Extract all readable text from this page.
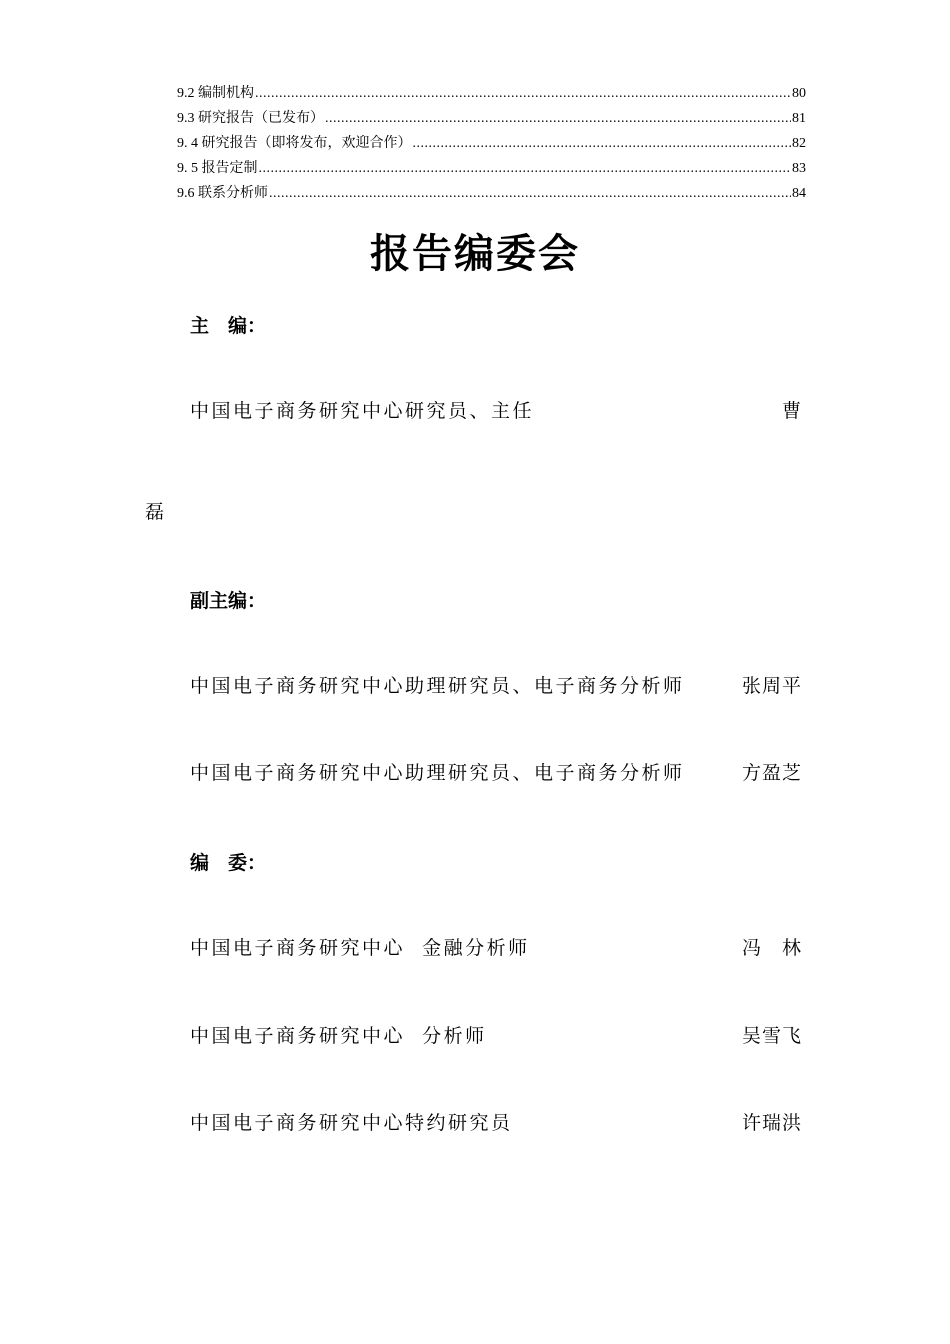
9.2 编制机构 .....	80
9.3 研究报告（已发布） .....	81
9. 4 研究报告（即将发布，欢迎合作） .....	82
9. 5 报告定制 .....	83
9.6 联系分析师 .....	84
报告编委会
主　编：
中国电子商务研究中心研究员、主任	曹
磊
副主编：
中国电子商务研究中心助理研究员、电子商务分析师	张周平
中国电子商务研究中心助理研究员、电子商务分析师	方盈芝
编　委：
中国电子商务研究中心  金融分析师	冯　林
中国电子商务研究中心  分析师	吴雪飞
中国电子商务研究中心特约研究员	许瑞洪
